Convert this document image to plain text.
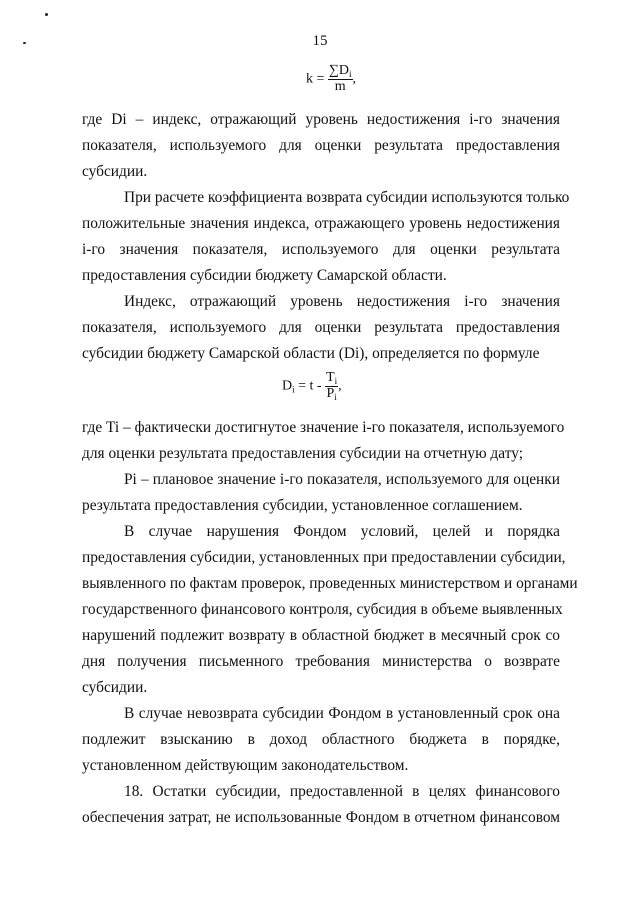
15
$k = \frac{\sum D_i}{m}$ ,
где Di – индекс, отражающий уровень недостижения i-го значения
показателя, используемого для оценки результата предоставления
субсидии.
При расчете коэффициента возврата субсидии используются только
положительные значения индекса, отражающего уровень недостижения
i-го значения показателя, используемого для оценки результата
предоставления субсидии бюджету Самарской области.
Индекс, отражающий уровень недостижения i-го значения
показателя, используемого для оценки результата предоставления
субсидии бюджету Самарской области (Di), определяется по формуле
$D_i = t - \frac{T_i}{P_i}$ ,
где Ti – фактически достигнутое значение i-го показателя, используемого
для оценки результата предоставления субсидии на отчетную дату;
Pi – плановое значение i-го показателя, используемого для оценки
результата предоставления субсидии, установленное соглашением.
В случае нарушения Фондом условий, целей и порядка
предоставления субсидии, установленных при предоставлении субсидии,
выявленного по фактам проверок, проведенных министерством и органами
государственного финансового контроля, субсидия в объеме выявленных
нарушений подлежит возврату в областной бюджет в месячный срок со
дня получения письменного требования министерства о возврате
субсидии.
В случае невозврата субсидии Фондом в установленный срок она
подлежит взысканию в доход областного бюджета в порядке,
установленном действующим законодательством.
18. Остатки субсидии, предоставленной в целях финансового
обеспечения затрат, не использованные Фондом в отчетном финансовом
